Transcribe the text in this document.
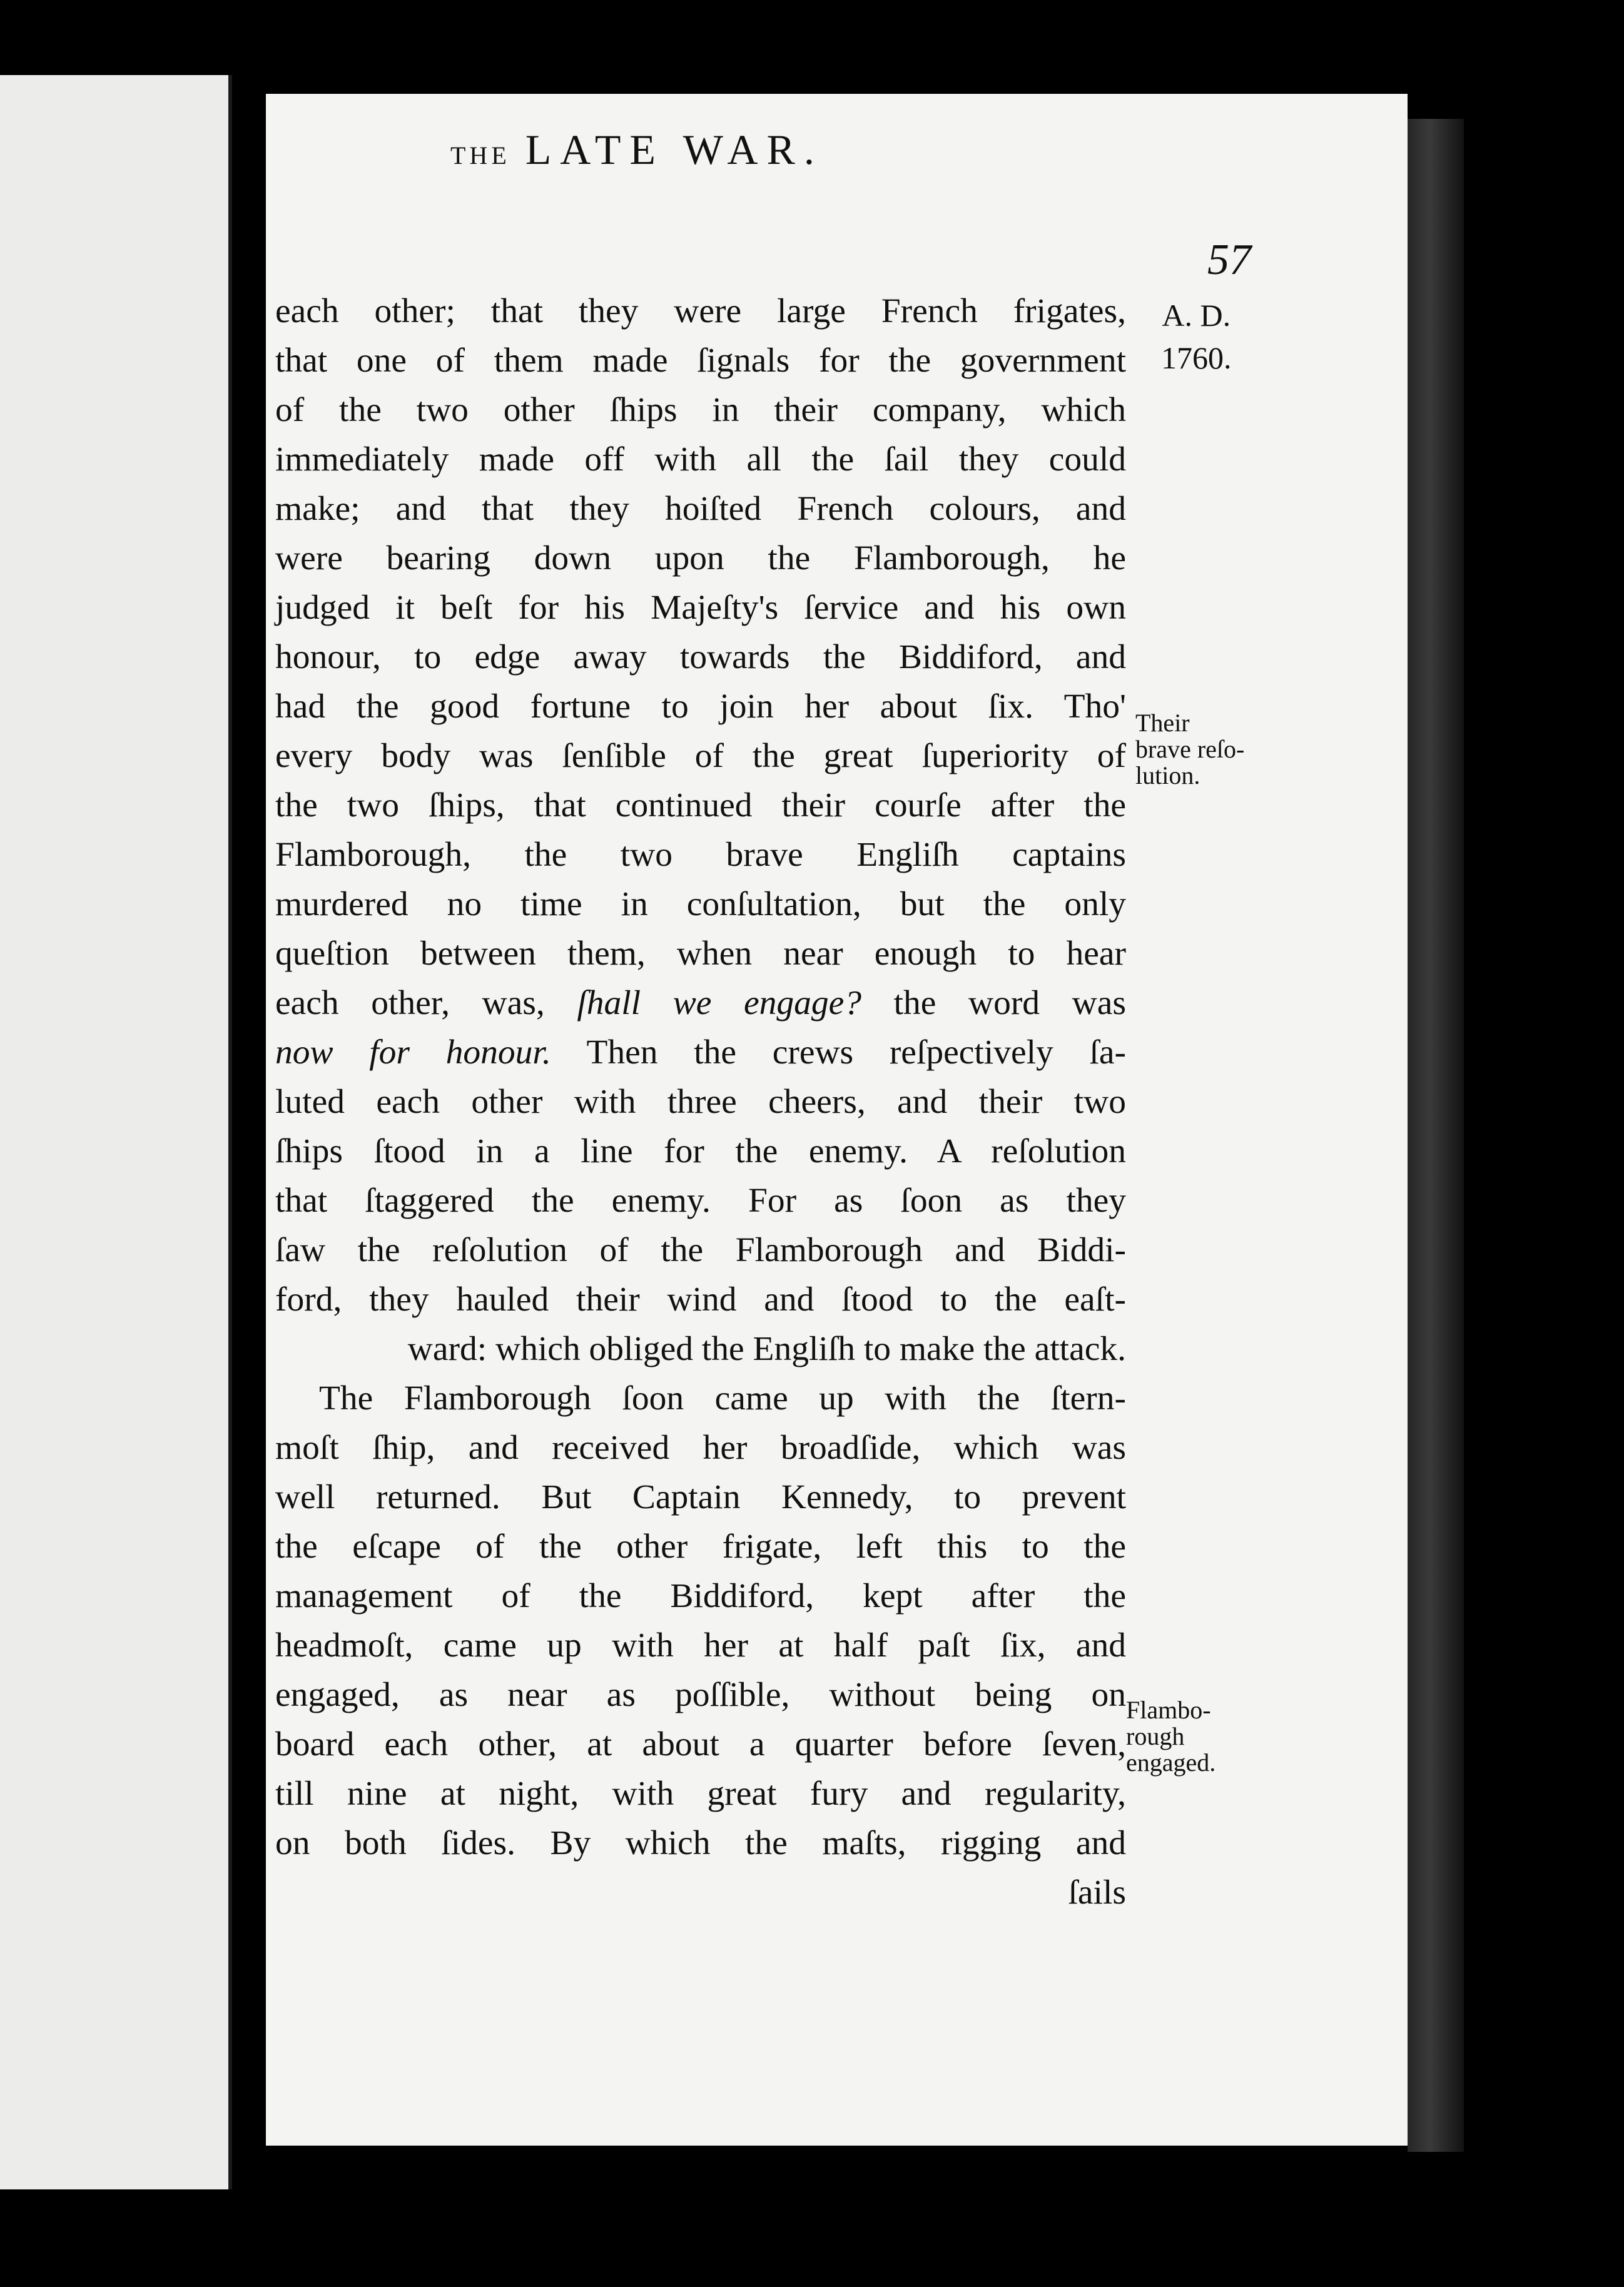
THE LATE WAR.
57
A. D.
1760.
Their
brave reſo-
lution.
Flambo-
rough
engaged.
each other; that they were large French frigates,
that one of them made ſignals for the government
of the two other ſhips in their company, which
immediately made off with all the ſail they could
make; and that they hoiſted French colours, and
were bearing down upon the Flamborough, he
judged it beſt for his Majeſty's ſervice and his own
honour, to edge away towards the Biddiford, and
had the good fortune to join her about ſix. Tho'
every body was ſenſible of the great ſuperiority of
the two ſhips, that continued their courſe after the
Flamborough, the two brave Engliſh captains
murdered no time in conſultation, but the only
queſtion between them, when near enough to hear
each other, was, ſhall we engage? the word was
now for honour. Then the crews reſpectively ſa-
luted each other with three cheers, and their two
ſhips ſtood in a line for the enemy. A reſolution
that ſtaggered the enemy. For as ſoon as they
ſaw the reſolution of the Flamborough and Biddi-
ford, they hauled their wind and ſtood to the eaſt-
ward: which obliged the Engliſh to make the attack.
The Flamborough ſoon came up with the ſtern-
moſt ſhip, and received her broadſide, which was
well returned. But Captain Kennedy, to prevent
the eſcape of the other frigate, left this to the
management of the Biddiford, kept after the
headmoſt, came up with her at half paſt ſix, and
engaged, as near as poſſible, without being on
board each other, at about a quarter before ſeven,
till nine at night, with great fury and regularity,
on both ſides. By which the maſts, rigging and
ſails
